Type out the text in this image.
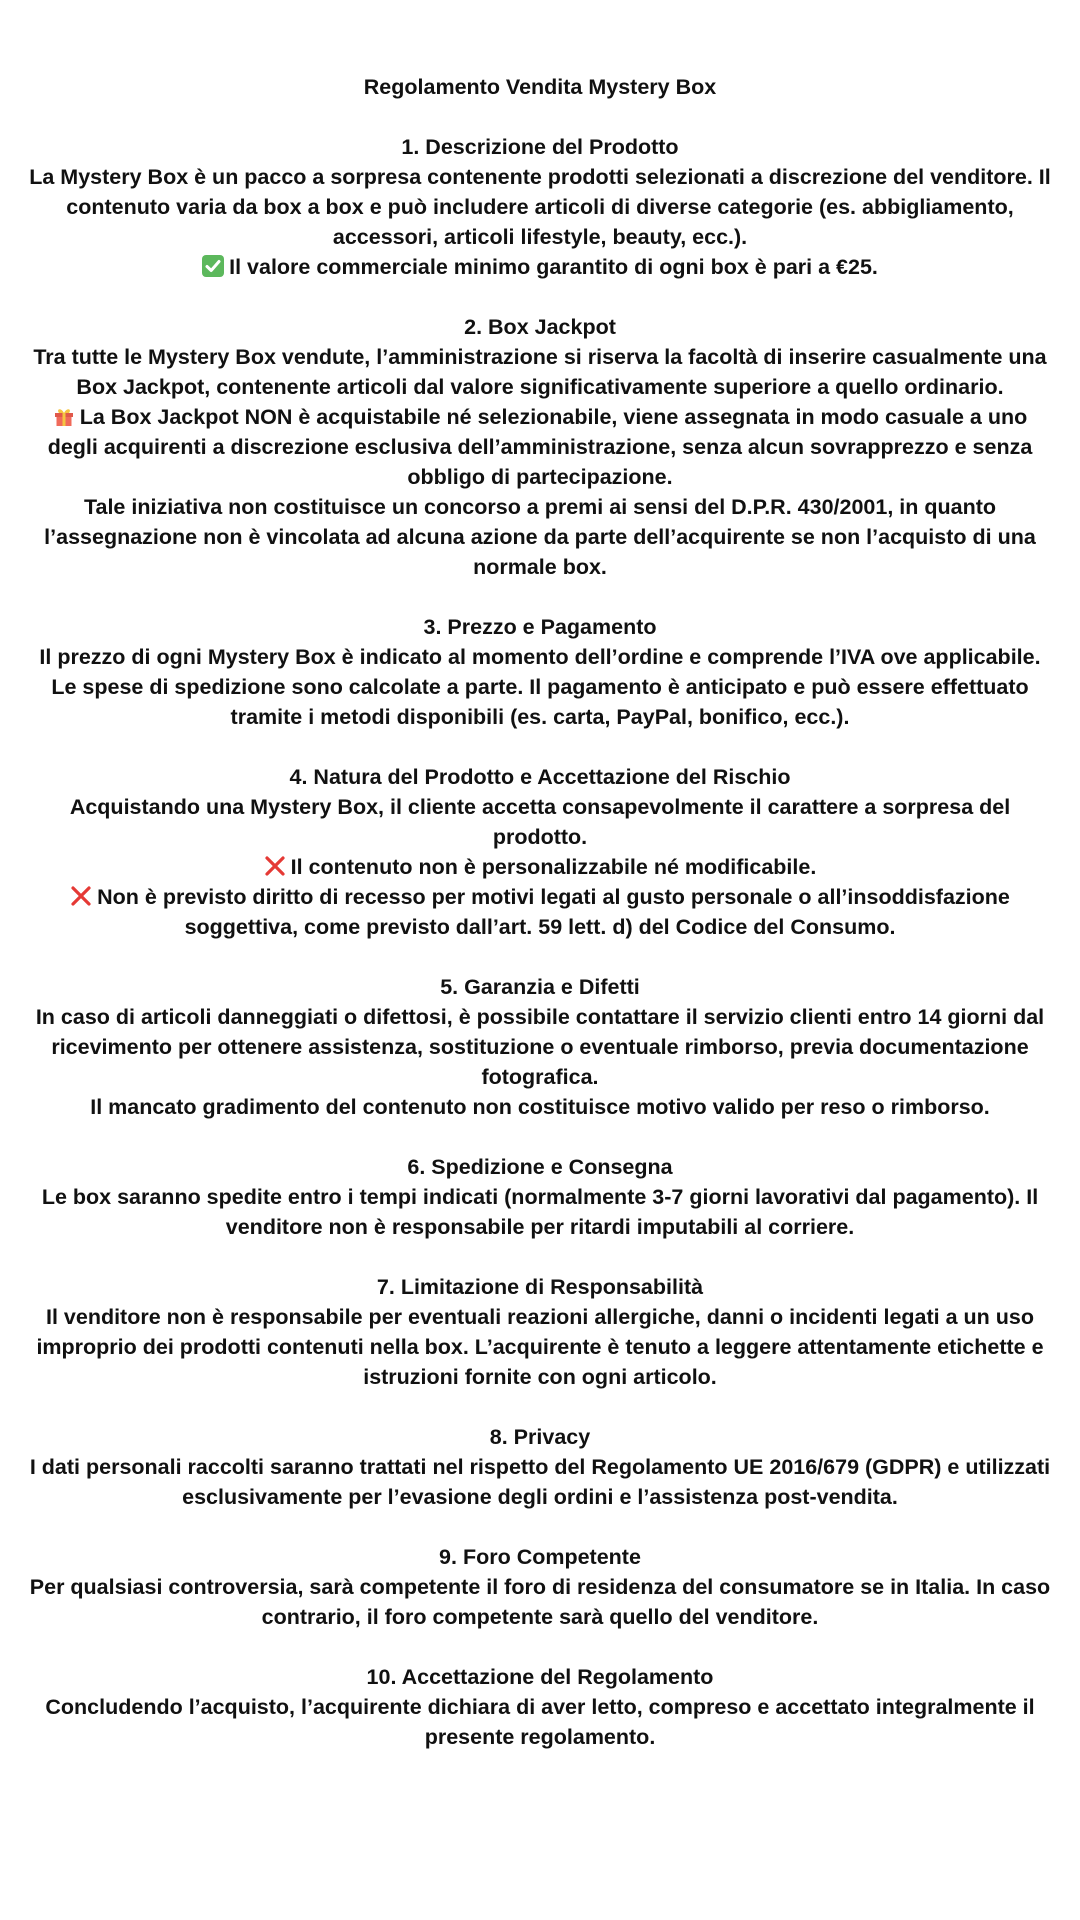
Regolamento Vendita Mystery Box
1. Descrizione del Prodotto
La Mystery Box è un pacco a sorpresa contenente prodotti selezionati a discrezione del venditore. Il contenuto varia da box a box e può includere articoli di diverse categorie (es. abbigliamento, accessori, articoli lifestyle, beauty, ecc.).
Il valore commerciale minimo garantito di ogni box è pari a €25.
2. Box Jackpot
Tra tutte le Mystery Box vendute, l’amministrazione si riserva la facoltà di inserire casualmente una Box Jackpot, contenente articoli dal valore significativamente superiore a quello ordinario.
La Box Jackpot NON è acquistabile né selezionabile, viene assegnata in modo casuale a uno degli acquirenti a discrezione esclusiva dell’amministrazione, senza alcun sovrapprezzo e senza obbligo di partecipazione.
Tale iniziativa non costituisce un concorso a premi ai sensi del D.P.R. 430/2001, in quanto l’assegnazione non è vincolata ad alcuna azione da parte dell’acquirente se non l’acquisto di una normale box.
3. Prezzo e Pagamento
Il prezzo di ogni Mystery Box è indicato al momento dell’ordine e comprende l’IVA ove applicabile. Le spese di spedizione sono calcolate a parte. Il pagamento è anticipato e può essere effettuato tramite i metodi disponibili (es. carta, PayPal, bonifico, ecc.).
4. Natura del Prodotto e Accettazione del Rischio
Acquistando una Mystery Box, il cliente accetta consapevolmente il carattere a sorpresa del prodotto.
Il contenuto non è personalizzabile né modificabile.
Non è previsto diritto di recesso per motivi legati al gusto personale o all’insoddisfazione soggettiva, come previsto dall’art. 59 lett. d) del Codice del Consumo.
5. Garanzia e Difetti
In caso di articoli danneggiati o difettosi, è possibile contattare il servizio clienti entro 14 giorni dal ricevimento per ottenere assistenza, sostituzione o eventuale rimborso, previa documentazione fotografica.
Il mancato gradimento del contenuto non costituisce motivo valido per reso o rimborso.
6. Spedizione e Consegna
Le box saranno spedite entro i tempi indicati (normalmente 3-7 giorni lavorativi dal pagamento). Il venditore non è responsabile per ritardi imputabili al corriere.
7. Limitazione di Responsabilità
Il venditore non è responsabile per eventuali reazioni allergiche, danni o incidenti legati a un uso improprio dei prodotti contenuti nella box. L’acquirente è tenuto a leggere attentamente etichette e istruzioni fornite con ogni articolo.
8. Privacy
I dati personali raccolti saranno trattati nel rispetto del Regolamento UE 2016/679 (GDPR) e utilizzati esclusivamente per l’evasione degli ordini e l’assistenza post-vendita.
9. Foro Competente
Per qualsiasi controversia, sarà competente il foro di residenza del consumatore se in Italia. In caso contrario, il foro competente sarà quello del venditore.
10. Accettazione del Regolamento
Concludendo l’acquisto, l’acquirente dichiara di aver letto, compreso e accettato integralmente il presente regolamento.
